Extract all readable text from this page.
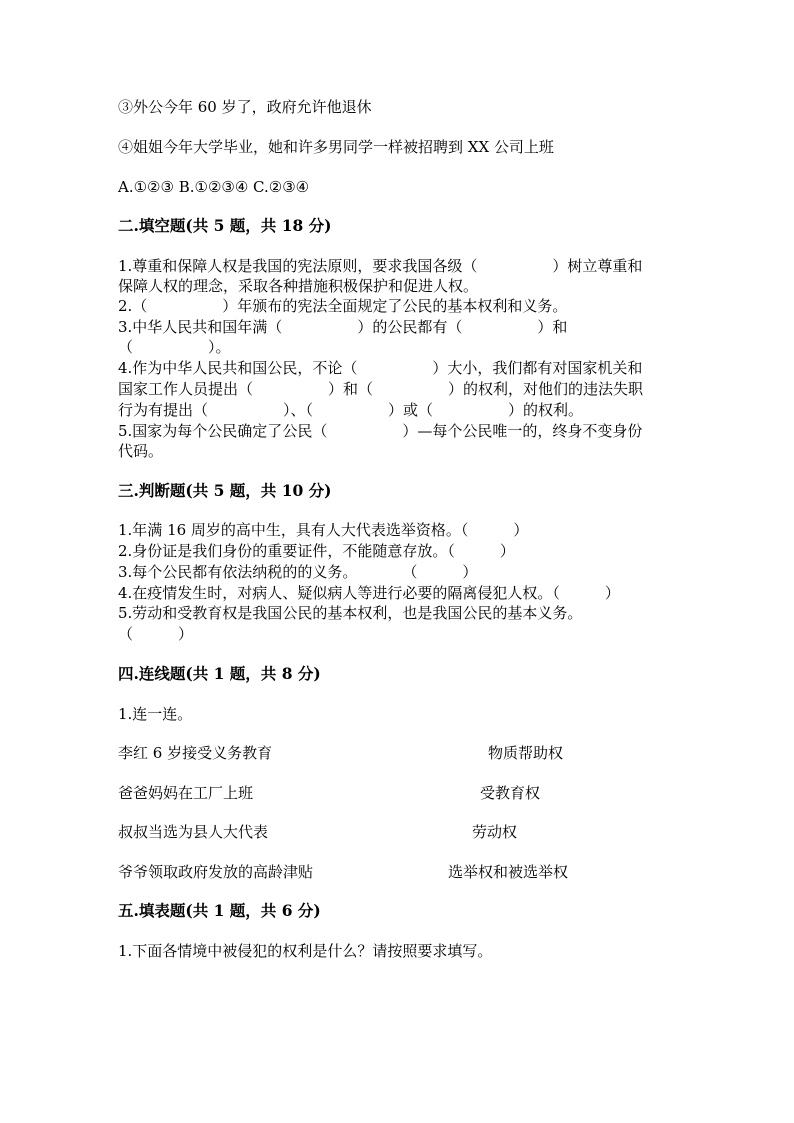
③外公今年 60 岁了，政府允许他退休
④姐姐今年大学毕业，她和许多男同学一样被招聘到 XX 公司上班
A.①②③ B.①②③④ C.②③④
二.填空题(共 5 题，共 18 分)
1.尊重和保障人权是我国的宪法原则，要求我国各级（　　　　　）树立尊重和
保障人权的理念，采取各种措施积极保护和促进人权。
2.（　　　　　）年颁布的宪法全面规定了公民的基本权利和义务。
3.中华人民共和国年满（　　　　　）的公民都有（　　　　　）和
（　　　　　）。
4.作为中华人民共和国公民，不论（　　　　　）大小，我们都有对国家机关和
国家工作人员提出（　　　　　）和（　　　　　）的权利，对他们的违法失职
行为有提出（　　　　　）、（　　　　　）或（　　　　　）的权利。
5.国家为每个公民确定了公民（　　　　　）—每个公民唯一的，终身不变身份
代码。
三.判断题(共 5 题，共 10 分)
1.年满 16 周岁的高中生，具有人大代表选举资格。（　　　）
2.身份证是我们身份的重要证件，不能随意存放。（　　　）
3.每个公民都有依法纳税的的义务。　　　　（　　　）
4.在疫情发生时，对病人、疑似病人等进行必要的隔离侵犯人权。（　　　）
5.劳动和受教育权是我国公民的基本权利，也是我国公民的基本义务。
（　　　）
四.连线题(共 1 题，共 8 分)
1.连一连。
李红 6 岁接受义务教育	物质帮助权
爸爸妈妈在工厂上班	受教育权
叔叔当选为县人大代表	劳动权
爷爷领取政府发放的高龄津贴	选举权和被选举权
五.填表题(共 1 题，共 6 分)
1.下面各情境中被侵犯的权利是什么？请按照要求填写。
